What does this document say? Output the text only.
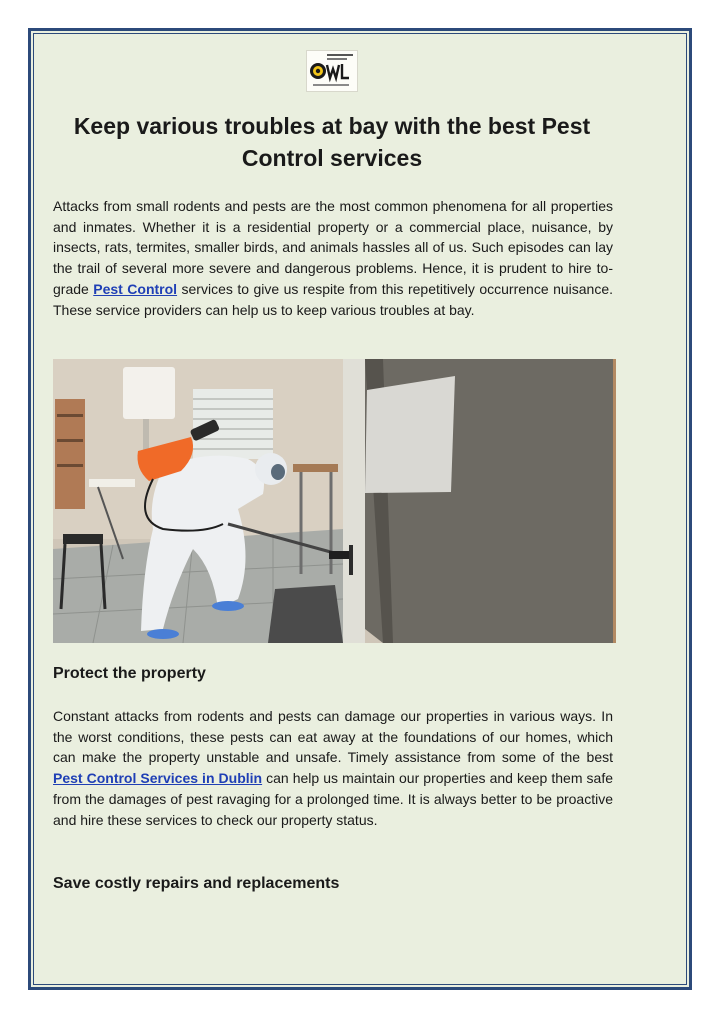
Keep various troubles at bay with the best Pest Control services

Attacks from small rodents and pests are the most common phenomena for all properties and inmates. Whether it is a residential property or a commercial place, nuisance, by insects, rats, termites, smaller birds, and animals hassles all of us. Such episodes can lay the trail of several more severe and dangerous problems. Hence, it is prudent to hire to-grade Pest Control services to give us respite from this repetitively occurrence nuisance. These service providers can help us to keep various troubles at bay.

Protect the property

Constant attacks from rodents and pests can damage our properties in various ways. In the worst conditions, these pests can eat away at the foundations of our homes, which can make the property unstable and unsafe. Timely assistance from some of the best Pest Control Services in Dublin can help us maintain our properties and keep them safe from the damages of pest ravaging for a prolonged time. It is always better to be proactive and hire these services to check our property status.

Save costly repairs and replacements
